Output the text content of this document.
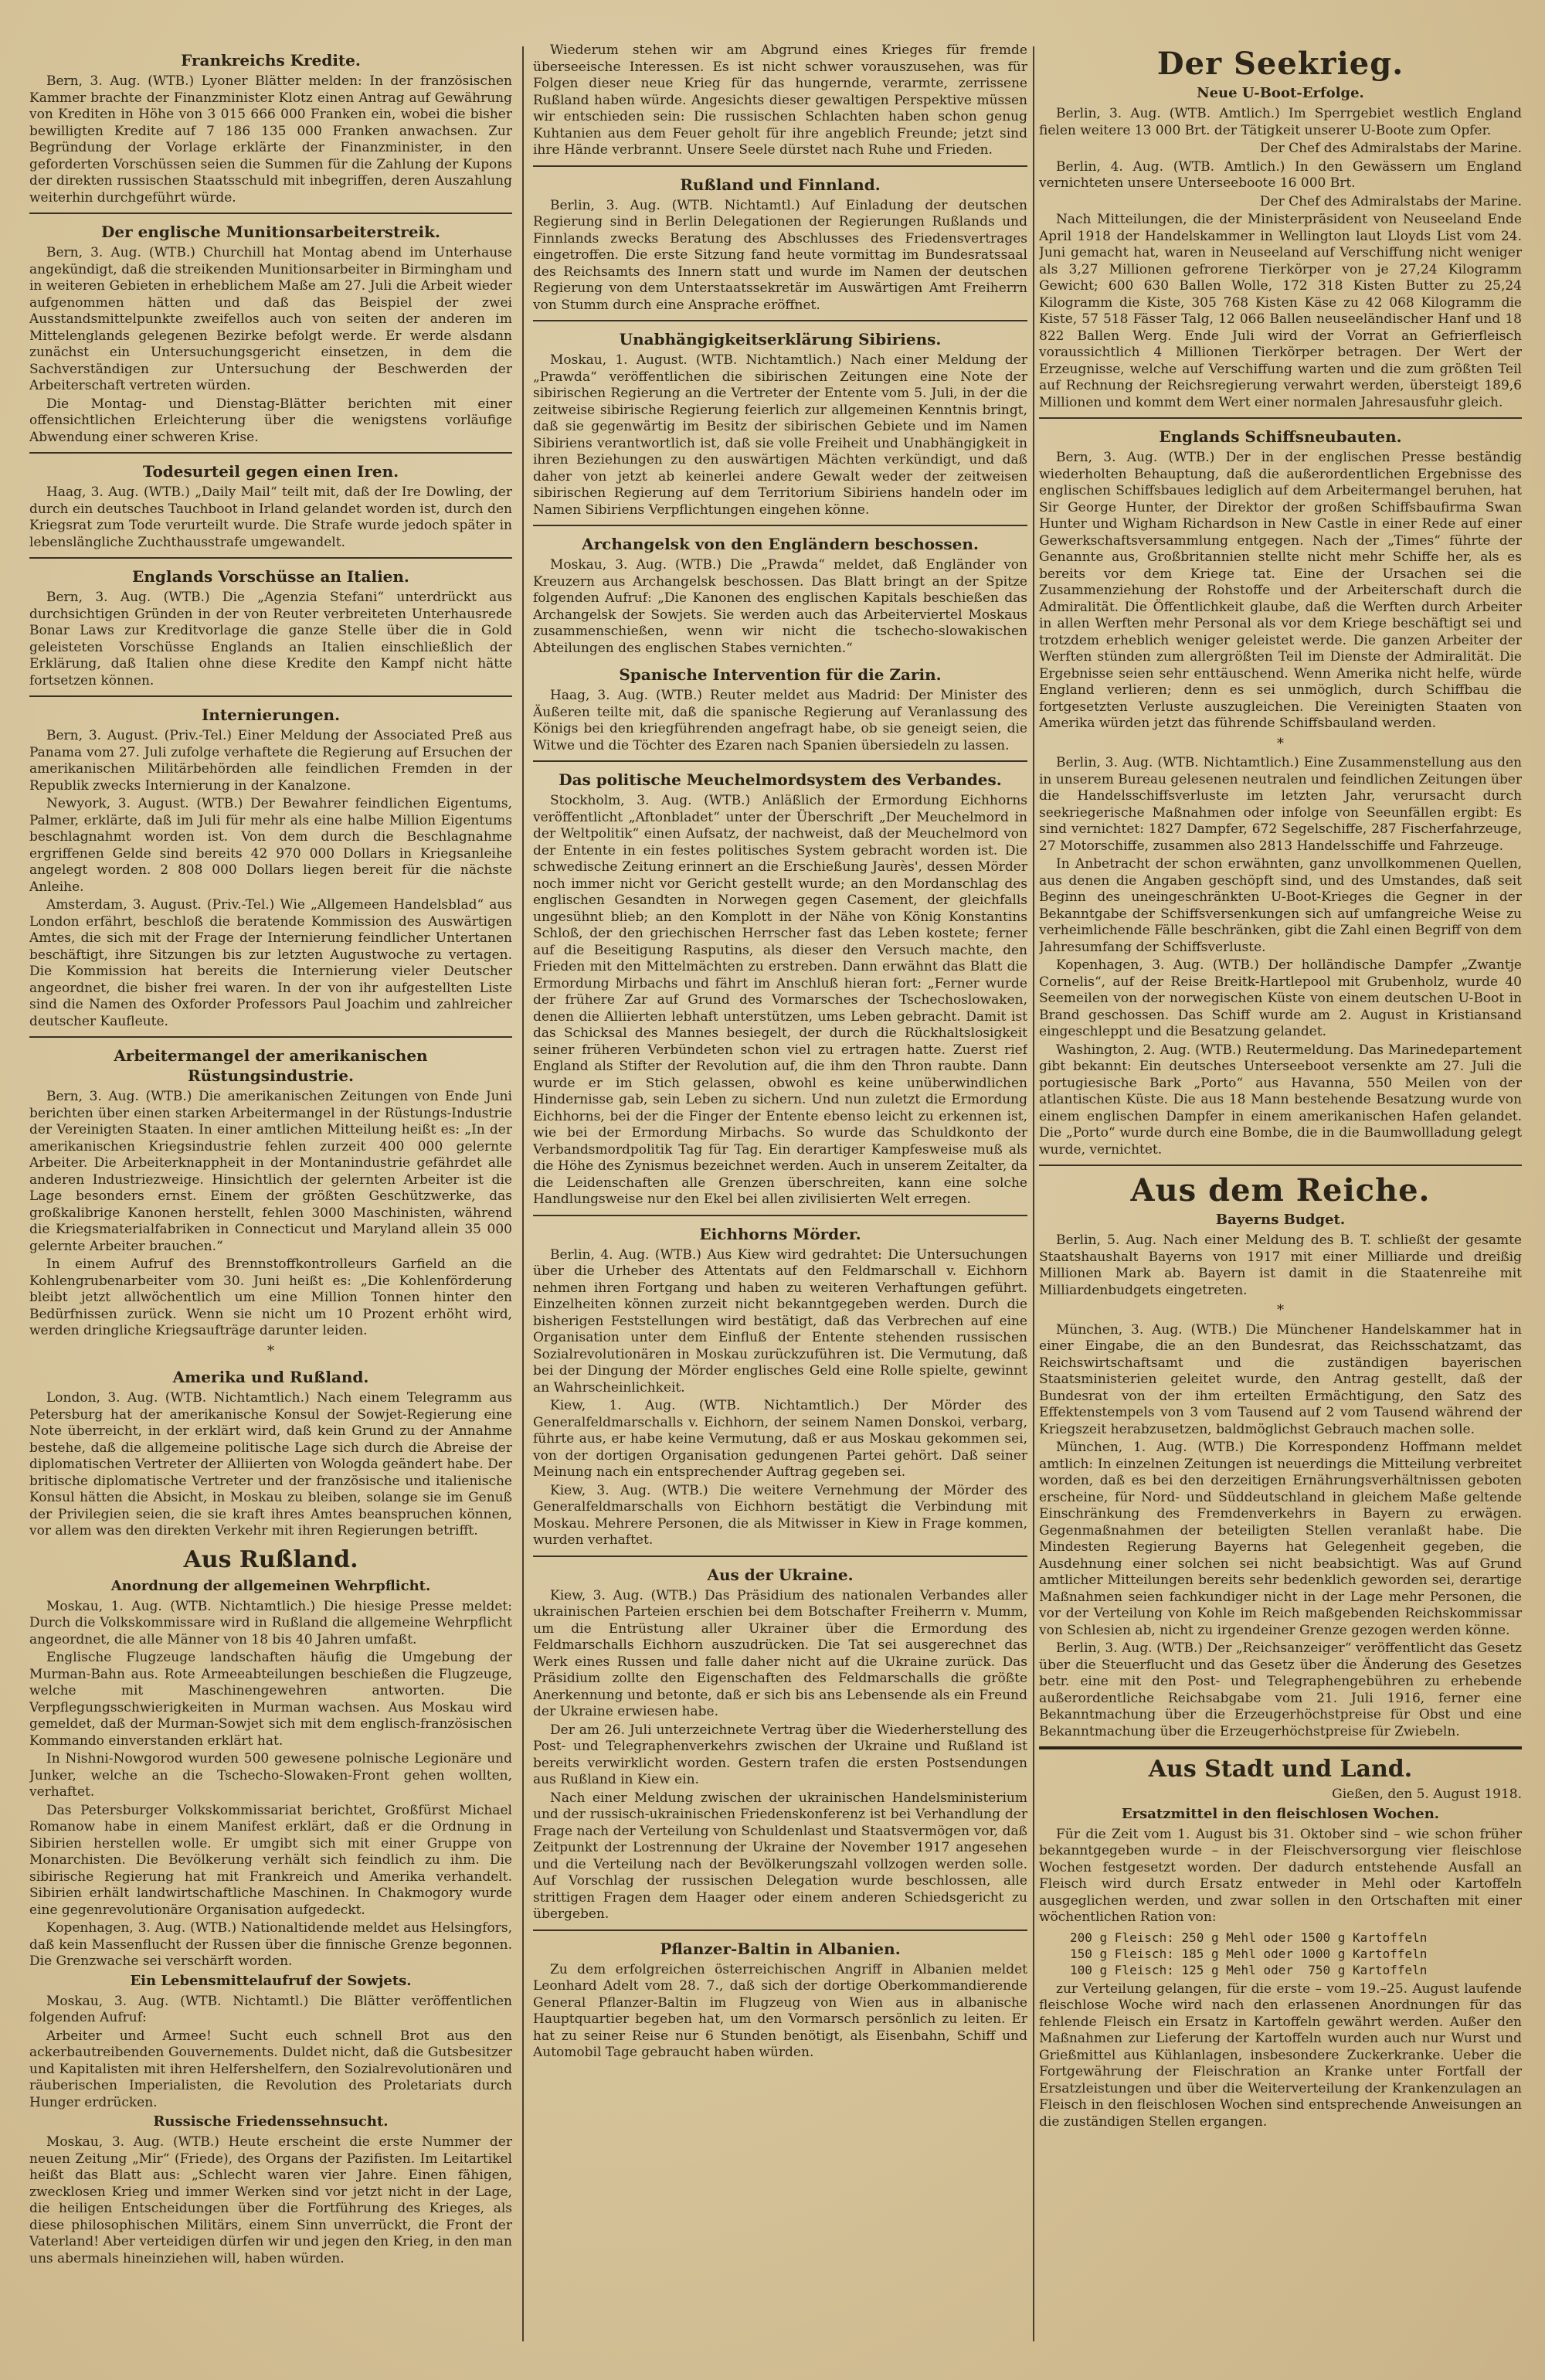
Frankreichs Kredite.

Bern, 3. Aug. (WTB.) Lyoner Blätter melden: In der französischen Kammer brachte der Finanzminister Klotz einen Antrag auf Gewährung von Krediten in Höhe von 3 015 666 000 Franken ein, wobei die bisher bewilligten Kredite auf 7 186 135 000 Franken anwachsen. Zur Begründung der Vorlage erklärte der Finanzminister, in den geforderten Vorschüssen seien die Summen für die Zahlung der Kupons der direkten russischen Staatsschuld mit inbegriffen, deren Auszahlung weiterhin durchgeführt würde.

Der englische Munitionsarbeiterstreik.

Bern, 3. Aug. (WTB.) Churchill hat Montag abend im Unterhause angekündigt, daß die streikenden Munitionsarbeiter in Birmingham und in weiteren Gebieten in erheblichem Maße am 27. Juli die Arbeit wieder aufgenommen hätten und daß das Beispiel der zwei Ausstandsmittelpunkte zweifellos auch von seiten der anderen im Mittelenglands gelegenen Bezirke befolgt werde. Er werde alsdann zunächst ein Untersuchungsgericht einsetzen, in dem die Sachverständigen zur Untersuchung der Beschwerden der Arbeiterschaft vertreten würden.

Die Montag- und Dienstag-Blätter berichten mit einer offensichtlichen Erleichterung über die wenigstens vorläufige Abwendung einer schweren Krise.

Todesurteil gegen einen Iren.

Haag, 3. Aug. (WTB.) „Daily Mail“ teilt mit, daß der Ire Dowling, der durch ein deutsches Tauchboot in Irland gelandet worden ist, durch den Kriegsrat zum Tode verurteilt wurde. Die Strafe wurde jedoch später in lebenslängliche Zuchthausstrafe umgewandelt.

Englands Vorschüsse an Italien.

Bern, 3. Aug. (WTB.) Die „Agenzia Stefani“ unterdrückt aus durchsichtigen Gründen in der von Reuter verbreiteten Unterhausrede Bonar Laws zur Kreditvorlage die ganze Stelle über die in Gold geleisteten Vorschüsse Englands an Italien einschließlich der Erklärung, daß Italien ohne diese Kredite den Kampf nicht hätte fortsetzen können.

Internierungen.

Bern, 3. August. (Priv.-Tel.) Einer Meldung der Associated Preß aus Panama vom 27. Juli zufolge verhaftete die Regierung auf Ersuchen der amerikanischen Militärbehörden alle feindlichen Fremden in der Republik zwecks Internierung in der Kanalzone.

Newyork, 3. August. (WTB.) Der Bewahrer feindlichen Eigentums, Palmer, erklärte, daß im Juli für mehr als eine halbe Million Eigentums beschlagnahmt worden ist. Von dem durch die Beschlagnahme ergriffenen Gelde sind bereits 42 970 000 Dollars in Kriegsanleihe angelegt worden. 2 808 000 Dollars liegen bereit für die nächste Anleihe.

Amsterdam, 3. August. (Priv.-Tel.) Wie „Allgemeen Handelsblad“ aus London erfährt, beschloß die beratende Kommission des Auswärtigen Amtes, die sich mit der Frage der Internierung feindlicher Untertanen beschäftigt, ihre Sitzungen bis zur letzten Augustwoche zu vertagen. Die Kommission hat bereits die Internierung vieler Deutscher angeordnet, die bisher frei waren. In der von ihr aufgestellten Liste sind die Namen des Oxforder Professors Paul Joachim und zahlreicher deutscher Kaufleute.

Arbeitermangel der amerikanischen Rüstungsindustrie.

Bern, 3. Aug. (WTB.) Die amerikanischen Zeitungen von Ende Juni berichten über einen starken Arbeitermangel in der Rüstungs-Industrie der Vereinigten Staaten. In einer amtlichen Mitteilung heißt es: „In der amerikanischen Kriegsindustrie fehlen zurzeit 400 000 gelernte Arbeiter. Die Arbeiterknappheit in der Montanindustrie gefährdet alle anderen Industriezweige. Hinsichtlich der gelernten Arbeiter ist die Lage besonders ernst. Einem der größten Geschützwerke, das großkalibrige Kanonen herstellt, fehlen 3000 Maschinisten, während die Kriegsmaterialfabriken in Connecticut und Maryland allein 35 000 gelernte Arbeiter brauchen.“

In einem Aufruf des Brennstoffkontrolleurs Garfield an die Kohlengrubenarbeiter vom 30. Juni heißt es: „Die Kohlenförderung bleibt jetzt allwöchentlich um eine Million Tonnen hinter den Bedürfnissen zurück. Wenn sie nicht um 10 Prozent erhöht wird, werden dringliche Kriegsaufträge darunter leiden.

*
Amerika und Rußland.

London, 3. Aug. (WTB. Nichtamtlich.) Nach einem Telegramm aus Petersburg hat der amerikanische Konsul der Sowjet-Regierung eine Note überreicht, in der erklärt wird, daß kein Grund zu der Annahme bestehe, daß die allgemeine politische Lage sich durch die Abreise der diplomatischen Vertreter der Alliierten von Wologda geändert habe. Der britische diplomatische Vertreter und der französische und italienische Konsul hätten die Absicht, in Moskau zu bleiben, solange sie im Genuß der Privilegien seien, die sie kraft ihres Amtes beanspruchen können, vor allem was den direkten Verkehr mit ihren Regierungen betrifft.

Aus Rußland.
Anordnung der allgemeinen Wehrpflicht.

Moskau, 1. Aug. (WTB. Nichtamtlich.) Die hiesige Presse meldet: Durch die Volkskommissare wird in Rußland die allgemeine Wehrpflicht angeordnet, die alle Männer von 18 bis 40 Jahren umfaßt.

Englische Flugzeuge landschaften häufig die Umgebung der Murman-Bahn aus. Rote Armeeabteilungen beschießen die Flugzeuge, welche mit Maschinengewehren antworten. Die Verpflegungsschwierigkeiten in Murman wachsen. Aus Moskau wird gemeldet, daß der Murman-Sowjet sich mit dem englisch-französischen Kommando einverstanden erklärt hat.

In Nishni-Nowgorod wurden 500 gewesene polnische Legionäre und Junker, welche an die Tschecho-Slowaken-Front gehen wollten, verhaftet.

Das Petersburger Volkskommissariat berichtet, Großfürst Michael Romanow habe in einem Manifest erklärt, daß er die Ordnung in Sibirien herstellen wolle. Er umgibt sich mit einer Gruppe von Monarchisten. Die Bevölkerung verhält sich feindlich zu ihm. Die sibirische Regierung hat mit Frankreich und Amerika verhandelt. Sibirien erhält landwirtschaftliche Maschinen. In Chakmogory wurde eine gegenrevolutionäre Organisation aufgedeckt.

Kopenhagen, 3. Aug. (WTB.) Nationaltidende meldet aus Helsingfors, daß kein Massenflucht der Russen über die finnische Grenze begonnen. Die Grenzwache sei verschärft worden.

Ein Lebensmittelaufruf der Sowjets.

Moskau, 3. Aug. (WTB. Nichtamtl.) Die Blätter veröffentlichen folgenden Aufruf:

Arbeiter und Armee! Sucht euch schnell Brot aus den ackerbautreibenden Gouvernements. Duldet nicht, daß die Gutsbesitzer und Kapitalisten mit ihren Helfershelfern, den Sozialrevolutionären und räuberischen Imperialisten, die Revolution des Proletariats durch Hunger erdrücken.

Russische Friedenssehnsucht.

Moskau, 3. Aug. (WTB.) Heute erscheint die erste Nummer der neuen Zeitung „Mir“ (Friede), des Organs der Pazifisten. Im Leitartikel heißt das Blatt aus: „Schlecht waren vier Jahre. Einen fähigen, zwecklosen Krieg und immer Werken sind vor jetzt nicht in der Lage, die heiligen Entscheidungen über die Fortführung des Krieges, als diese philosophischen Militärs, einem Sinn unverrückt, die Front der Vaterland! Aber verteidigen dürfen wir und jegen den Krieg, in den man uns abermals hineinziehen will, haben würden.

Wiederum stehen wir am Abgrund eines Krieges für fremde überseeische Interessen. Es ist nicht schwer vorauszusehen, was für Folgen dieser neue Krieg für das hungernde, verarmte, zerrissene Rußland haben würde. Angesichts dieser gewaltigen Perspektive müssen wir entschieden sein: Die russischen Schlachten haben schon genug Kuhtanien aus dem Feuer geholt für ihre angeblich Freunde; jetzt sind ihre Hände verbrannt. Unsere Seele dürstet nach Ruhe und Frieden.

Rußland und Finnland.

Berlin, 3. Aug. (WTB. Nichtamtl.) Auf Einladung der deutschen Regierung sind in Berlin Delegationen der Regierungen Rußlands und Finnlands zwecks Beratung des Abschlusses des Friedensvertrages eingetroffen. Die erste Sitzung fand heute vormittag im Bundesratssaal des Reichsamts des Innern statt und wurde im Namen der deutschen Regierung von dem Unterstaatssekretär im Auswärtigen Amt Freiherrn von Stumm durch eine Ansprache eröffnet.

Unabhängigkeitserklärung Sibiriens.

Moskau, 1. August. (WTB. Nichtamtlich.) Nach einer Meldung der „Prawda“ veröffentlichen die sibirischen Zeitungen eine Note der sibirischen Regierung an die Vertreter der Entente vom 5. Juli, in der die zeitweise sibirische Regierung feierlich zur allgemeinen Kenntnis bringt, daß sie gegenwärtig im Besitz der sibirischen Gebiete und im Namen Sibiriens verantwortlich ist, daß sie volle Freiheit und Unabhängigkeit in ihren Beziehungen zu den auswärtigen Mächten verkündigt, und daß daher von jetzt ab keinerlei andere Gewalt weder der zeitweisen sibirischen Regierung auf dem Territorium Sibiriens handeln oder im Namen Sibiriens Verpflichtungen eingehen könne.

Archangelsk von den Engländern beschossen.

Moskau, 3. Aug. (WTB.) Die „Prawda“ meldet, daß Engländer von Kreuzern aus Archangelsk beschossen. Das Blatt bringt an der Spitze folgenden Aufruf: „Die Kanonen des englischen Kapitals beschießen das Archangelsk der Sowjets. Sie werden auch das Arbeiterviertel Moskaus zusammenschießen, wenn wir nicht die tschecho-slowakischen Abteilungen des englischen Stabes vernichten.“

Spanische Intervention für die Zarin.

Haag, 3. Aug. (WTB.) Reuter meldet aus Madrid: Der Minister des Äußeren teilte mit, daß die spanische Regierung auf Veranlassung des Königs bei den kriegführenden angefragt habe, ob sie geneigt seien, die Witwe und die Töchter des Ezaren nach Spanien übersiedeln zu lassen.

Das politische Meuchelmordsystem des Verbandes.

Stockholm, 3. Aug. (WTB.) Anläßlich der Ermordung Eichhorns veröffentlicht „Aftonbladet“ unter der Überschrift „Der Meuchelmord in der Weltpolitik“ einen Aufsatz, der nachweist, daß der Meuchelmord von der Entente in ein festes politisches System gebracht worden ist. Die schwedische Zeitung erinnert an die Erschießung Jaurès', dessen Mörder noch immer nicht vor Gericht gestellt wurde; an den Mordanschlag des englischen Gesandten in Norwegen gegen Casement, der gleichfalls ungesühnt blieb; an den Komplott in der Nähe von König Konstantins Schloß, der den griechischen Herrscher fast das Leben kostete; ferner auf die Beseitigung Rasputins, als dieser den Versuch machte, den Frieden mit den Mittelmächten zu erstreben. Dann erwähnt das Blatt die Ermordung Mirbachs und fährt im Anschluß hieran fort: „Ferner wurde der frühere Zar auf Grund des Vormarsches der Tschechoslowaken, denen die Alliierten lebhaft unterstützen, ums Leben gebracht. Damit ist das Schicksal des Mannes besiegelt, der durch die Rückhaltslosigkeit seiner früheren Verbündeten schon viel zu ertragen hatte. Zuerst rief England als Stifter der Revolution auf, die ihm den Thron raubte. Dann wurde er im Stich gelassen, obwohl es keine unüberwindlichen Hindernisse gab, sein Leben zu sichern. Und nun zuletzt die Ermordung Eichhorns, bei der die Finger der Entente ebenso leicht zu erkennen ist, wie bei der Ermordung Mirbachs. So wurde das Schuldkonto der Verbandsmordpolitik Tag für Tag. Ein derartiger Kampfesweise muß als die Höhe des Zynismus bezeichnet werden. Auch in unserem Zeitalter, da die Leidenschaften alle Grenzen überschreiten, kann eine solche Handlungsweise nur den Ekel bei allen zivilisierten Welt erregen.

Eichhorns Mörder.

Berlin, 4. Aug. (WTB.) Aus Kiew wird gedrahtet: Die Untersuchungen über die Urheber des Attentats auf den Feldmarschall v. Eichhorn nehmen ihren Fortgang und haben zu weiteren Verhaftungen geführt. Einzelheiten können zurzeit nicht bekanntgegeben werden. Durch die bisherigen Feststellungen wird bestätigt, daß das Verbrechen auf eine Organisation unter dem Einfluß der Entente stehenden russischen Sozialrevolutionären in Moskau zurückzuführen ist. Die Vermutung, daß bei der Dingung der Mörder englisches Geld eine Rolle spielte, gewinnt an Wahrscheinlichkeit.

Kiew, 1. Aug. (WTB. Nichtamtlich.) Der Mörder des Generalfeldmarschalls v. Eichhorn, der seinem Namen Donskoi, verbarg, führte aus, er habe keine Vermutung, daß er aus Moskau gekommen sei, von der dortigen Organisation gedungenen Partei gehört. Daß seiner Meinung nach ein entsprechender Auftrag gegeben sei.

Kiew, 3. Aug. (WTB.) Die weitere Vernehmung der Mörder des Generalfeldmarschalls von Eichhorn bestätigt die Verbindung mit Moskau. Mehrere Personen, die als Mitwisser in Kiew in Frage kommen, wurden verhaftet.

Aus der Ukraine.

Kiew, 3. Aug. (WTB.) Das Präsidium des nationalen Verbandes aller ukrainischen Parteien erschien bei dem Botschafter Freiherrn v. Mumm, um die Entrüstung aller Ukrainer über die Ermordung des Feldmarschalls Eichhorn auszudrücken. Die Tat sei ausgerechnet das Werk eines Russen und falle daher nicht auf die Ukraine zurück. Das Präsidium zollte den Eigenschaften des Feldmarschalls die größte Anerkennung und betonte, daß er sich bis ans Lebensende als ein Freund der Ukraine erwiesen habe.

Der am 26. Juli unterzeichnete Vertrag über die Wiederherstellung des Post- und Telegraphenverkehrs zwischen der Ukraine und Rußland ist bereits verwirklicht worden. Gestern trafen die ersten Postsendungen aus Rußland in Kiew ein.

Nach einer Meldung zwischen der ukrainischen Handelsministerium und der russisch-ukrainischen Friedenskonferenz ist bei Verhandlung der Frage nach der Verteilung von Schuldenlast und Staatsvermögen vor, daß Zeitpunkt der Lostrennung der Ukraine der November 1917 angesehen und die Verteilung nach der Bevölkerungszahl vollzogen werden solle. Auf Vorschlag der russischen Delegation wurde beschlossen, alle strittigen Fragen dem Haager oder einem anderen Schiedsgericht zu übergeben.

Pflanzer-Baltin in Albanien.

Zu dem erfolgreichen österreichischen Angriff in Albanien meldet Leonhard Adelt vom 28. 7., daß sich der dortige Oberkommandierende General Pflanzer-Baltin im Flugzeug von Wien aus in albanische Hauptquartier begeben hat, um den Vormarsch persönlich zu leiten. Er hat zu seiner Reise nur 6 Stunden benötigt, als Eisenbahn, Schiff und Automobil Tage gebraucht haben würden.

Der Seekrieg.
Neue U-Boot-Erfolge.

Berlin, 3. Aug. (WTB. Amtlich.) Im Sperrgebiet westlich England fielen weitere 13 000 Brt. der Tätigkeit unserer U-Boote zum Opfer.

Der Chef des Admiralstabs der Marine.

Berlin, 4. Aug. (WTB. Amtlich.) In den Gewässern um England vernichteten unsere Unterseeboote 16 000 Brt.

Der Chef des Admiralstabs der Marine.

Nach Mitteilungen, die der Ministerpräsident von Neuseeland Ende April 1918 der Handelskammer in Wellington laut Lloyds List vom 24. Juni gemacht hat, waren in Neuseeland auf Verschiffung nicht weniger als 3,27 Millionen gefrorene Tierkörper von je 27,24 Kilogramm Gewicht; 600 630 Ballen Wolle, 172 318 Kisten Butter zu 25,24 Kilogramm die Kiste, 305 768 Kisten Käse zu 42 068 Kilogramm die Kiste, 57 518 Fässer Talg, 12 066 Ballen neuseeländischer Hanf und 18 822 Ballen Werg. Ende Juli wird der Vorrat an Gefrierfleisch voraussichtlich 4 Millionen Tierkörper betragen. Der Wert der Erzeugnisse, welche auf Verschiffung warten und die zum größten Teil auf Rechnung der Reichsregierung verwahrt werden, übersteigt 189,6 Millionen und kommt dem Wert einer normalen Jahresausfuhr gleich.

Englands Schiffsneubauten.

Bern, 3. Aug. (WTB.) Der in der englischen Presse beständig wiederholten Behauptung, daß die außerordentlichen Ergebnisse des englischen Schiffsbaues lediglich auf dem Arbeitermangel beruhen, hat Sir George Hunter, der Direktor der großen Schiffsbaufirma Swan Hunter und Wigham Richardson in New Castle in einer Rede auf einer Gewerkschaftsversammlung entgegen. Nach der „Times“ führte der Genannte aus, Großbritannien stellte nicht mehr Schiffe her, als es bereits vor dem Kriege tat. Eine der Ursachen sei die Zusammenziehung der Rohstoffe und der Arbeiterschaft durch die Admiralität. Die Öffentlichkeit glaube, daß die Werften durch Arbeiter in allen Werften mehr Personal als vor dem Kriege beschäftigt sei und trotzdem erheblich weniger geleistet werde. Die ganzen Arbeiter der Werften stünden zum allergrößten Teil im Dienste der Admiralität. Die Ergebnisse seien sehr enttäuschend. Wenn Amerika nicht helfe, würde England verlieren; denn es sei unmöglich, durch Schiffbau die fortgesetzten Verluste auszugleichen. Die Vereinigten Staaten von Amerika würden jetzt das führende Schiffsbauland werden.

*

Berlin, 3. Aug. (WTB. Nichtamtlich.) Eine Zusammenstellung aus den in unserem Bureau gelesenen neutralen und feindlichen Zeitungen über die Handelsschiffsverluste im letzten Jahr, verursacht durch seekriegerische Maßnahmen oder infolge von Seeunfällen ergibt: Es sind vernichtet: 1827 Dampfer, 672 Segelschiffe, 287 Fischerfahrzeuge, 27 Motorschiffe, zusammen also 2813 Handelsschiffe und Fahrzeuge.

In Anbetracht der schon erwähnten, ganz unvollkommenen Quellen, aus denen die Angaben geschöpft sind, und des Umstandes, daß seit Beginn des uneingeschränkten U-Boot-Krieges die Gegner in der Bekanntgabe der Schiffsversenkungen sich auf umfangreiche Weise zu verheimlichende Fälle beschränken, gibt die Zahl einen Begriff von dem Jahresumfang der Schiffsverluste.

Kopenhagen, 3. Aug. (WTB.) Der holländische Dampfer „Zwantje Cornelis“, auf der Reise Breitk-Hartlepool mit Grubenholz, wurde 40 Seemeilen von der norwegischen Küste von einem deutschen U-Boot in Brand geschossen. Das Schiff wurde am 2. August in Kristiansand eingeschleppt und die Besatzung gelandet.

Washington, 2. Aug. (WTB.) Reutermeldung. Das Marinedepartement gibt bekannt: Ein deutsches Unterseeboot versenkte am 27. Juli die portugiesische Bark „Porto“ aus Havanna, 550 Meilen von der atlantischen Küste. Die aus 18 Mann bestehende Besatzung wurde von einem englischen Dampfer in einem amerikanischen Hafen gelandet. Die „Porto“ wurde durch eine Bombe, die in die Baumwollladung gelegt wurde, vernichtet.

Aus dem Reiche.
Bayerns Budget.

Berlin, 5. Aug. Nach einer Meldung des B. T. schließt der gesamte Staatshaushalt Bayerns von 1917 mit einer Milliarde und dreißig Millionen Mark ab. Bayern ist damit in die Staatenreihe mit Milliardenbudgets eingetreten.

*

München, 3. Aug. (WTB.) Die Münchener Handelskammer hat in einer Eingabe, die an den Bundesrat, das Reichsschatzamt, das Reichswirtschaftsamt und die zuständigen bayerischen Staatsministerien geleitet wurde, den Antrag gestellt, daß der Bundesrat von der ihm erteilten Ermächtigung, den Satz des Effektenstempels von 3 vom Tausend auf 2 vom Tausend während der Kriegszeit herabzusetzen, baldmöglichst Gebrauch machen solle.

München, 1. Aug. (WTB.) Die Korrespondenz Hoffmann meldet amtlich: In einzelnen Zeitungen ist neuerdings die Mitteilung verbreitet worden, daß es bei den derzeitigen Ernährungsverhältnissen geboten erscheine, für Nord- und Süddeutschland in gleichem Maße geltende Einschränkung des Fremdenverkehrs in Bayern zu erwägen. Gegenmaßnahmen der beteiligten Stellen veranlaßt habe. Die Mindesten Regierung Bayerns hat Gelegenheit gegeben, die Ausdehnung einer solchen sei nicht beabsichtigt. Was auf Grund amtlicher Mitteilungen bereits sehr bedenklich geworden sei, derartige Maßnahmen seien fachkundiger nicht in der Lage mehr Personen, die vor der Verteilung von Kohle im Reich maßgebenden Reichskommissar von Schlesien ab, nicht zu irgendeiner Grenze gezogen werden könne.

Berlin, 3. Aug. (WTB.) Der „Reichsanzeiger“ veröffentlicht das Gesetz über die Steuerflucht und das Gesetz über die Änderung des Gesetzes betr. eine mit den Post- und Telegraphengebühren zu erhebende außerordentliche Reichsabgabe vom 21. Juli 1916, ferner eine Bekanntmachung über die Erzeugerhöchstpreise für Obst und eine Bekanntmachung über die Erzeugerhöchstpreise für Zwiebeln.

Aus Stadt und Land.

Gießen, den 5. August 1918.

Ersatzmittel in den fleischlosen Wochen.

Für die Zeit vom 1. August bis 31. Oktober sind – wie schon früher bekanntgegeben wurde – in der Fleischversorgung vier fleischlose Wochen festgesetzt worden. Der dadurch entstehende Ausfall an Fleisch wird durch Ersatz entweder in Mehl oder Kartoffeln ausgeglichen werden, und zwar sollen in den Ortschaften mit einer wöchentlichen Ration von:

200 g Fleisch: 250 g Mehl oder 1500 g Kartoffeln
150 g Fleisch: 185 g Mehl oder 1000 g Kartoffeln
100 g Fleisch: 125 g Mehl oder  750 g Kartoffeln

zur Verteilung gelangen, für die erste – vom 19.–25. August laufende fleischlose Woche wird nach den erlassenen Anordnungen für das fehlende Fleisch ein Ersatz in Kartoffeln gewährt werden. Außer den Maßnahmen zur Lieferung der Kartoffeln wurden auch nur Wurst und Grießmittel aus Kühlanlagen, insbesondere Zuckerkranke. Ueber die Fortgewährung der Fleischration an Kranke unter Fortfall der Ersatzleistungen und über die Weiterverteilung der Krankenzulagen an Fleisch in den fleischlosen Wochen sind entsprechende Anweisungen an die zuständigen Stellen ergangen.
